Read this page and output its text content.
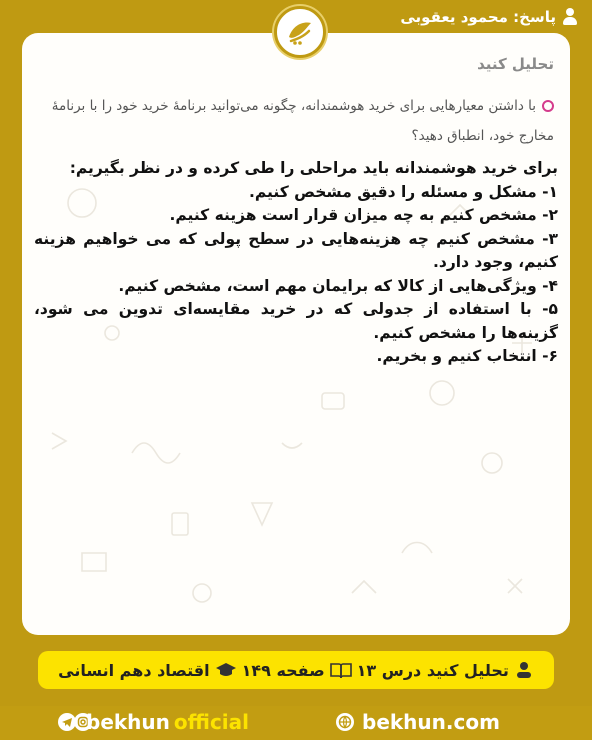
پاسخ: محمود یعقوبی
تحلیل کنید
با داشتن معیارهایی برای خرید هوشمندانه، چگونه می‌توانید برنامهٔ خرید خود را با برنامهٔ مخارج خود، انطباق دهید؟

برای خرید هوشمندانه باید مراحلی را طی کرده و در نظر بگیریم:

۱- مشکل و مسئله را دقیق مشخص کنیم.

۲- مشخص کنیم به چه میزان قرار است هزینه کنیم.

۳- مشخص کنیم چه هزینه‌هایی در سطح پولی که می خواهیم هزینه کنیم، وجود دارد.

۴- ویژگی‌هایی از کالا که برایمان مهم است، مشخص کنیم.

۵- با استفاده از جدولی که در خرید مقایسه‌ای تدوین می شود، گزینه‌ها را مشخص کنیم.

۶- انتخاب کنیم و بخریم.

تحلیل کنید درس ۱۳
صفحه ۱۴۹
اقتصاد دهم انسانی
bekhun official	bekhun.com
